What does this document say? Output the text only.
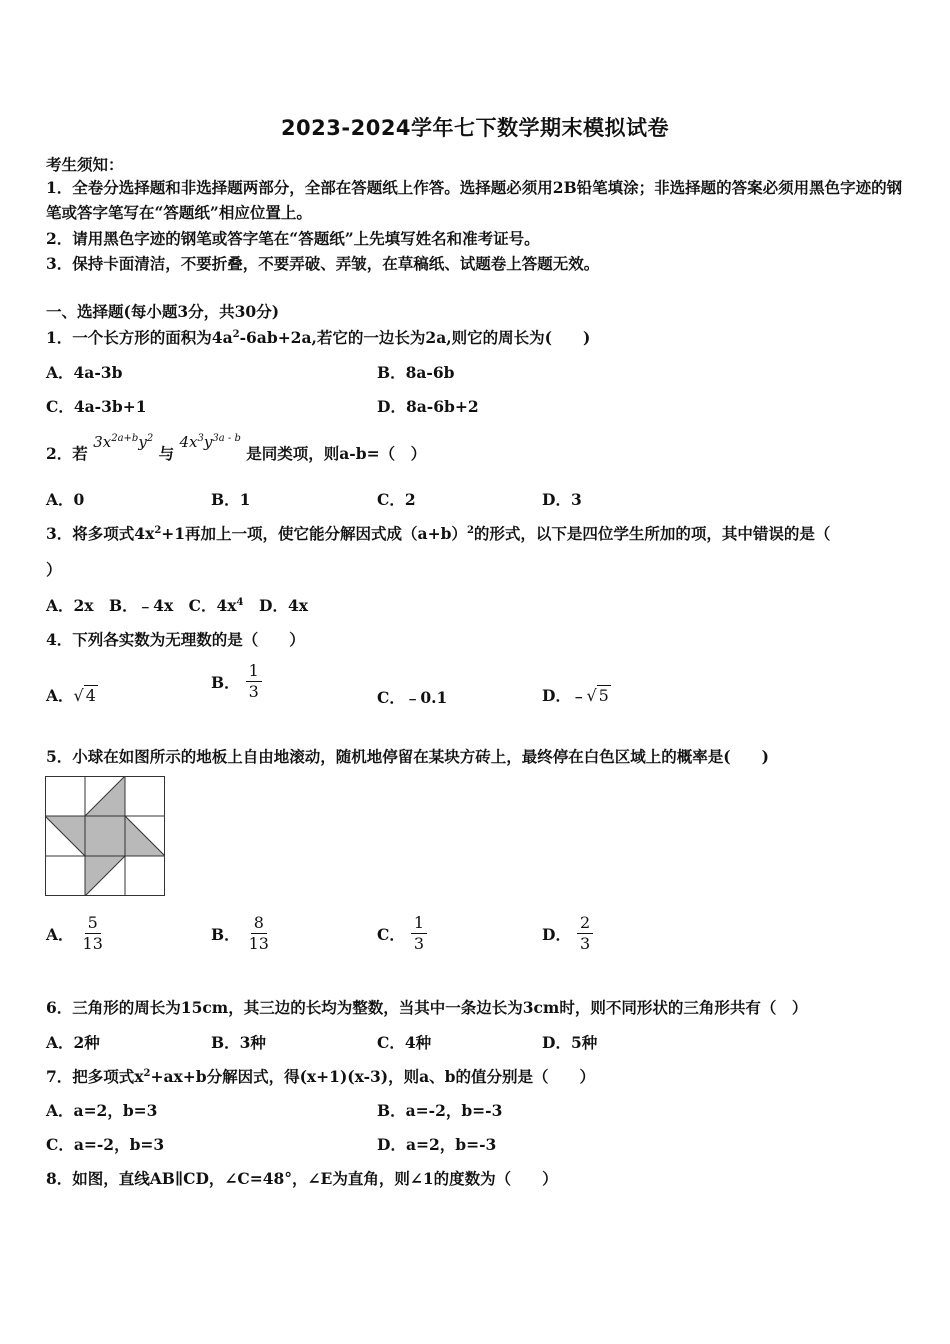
2023-2024学年七下数学期末模拟试卷
考生须知：
1．全卷分选择题和非选择题两部分，全部在答题纸上作答。选择题必须用2B铅笔填涂；非选择题的答案必须用黑色字迹的钢笔或答字笔写在“答题纸”相应位置上。
2．请用黑色字迹的钢笔或答字笔在“答题纸”上先填写姓名和准考证号。
3．保持卡面清洁，不要折叠，不要弄破、弄皱，在草稿纸、试题卷上答题无效。
一、选择题(每小题3分，共30分)
1．一个长方形的面积为$4a^2-6ab+2a$,若它的一边长为2a,则它的周长为(　　)
A．4a-3b	B．8a-6b
C．4a-3b+1	D．8a-6b+2
2．若 $3x^{2a+b}y^2$ 与 $4x^3y^{3a - b}$ 是同类项，则a-b=（　）
A．0	B．1	C．2	D．3
3．将多项式$4x^2+1$再加上一项，使它能分解因式成$(a+b)^2$的形式，以下是四位学生所加的项，其中错误的是（
）
A．2x　B．﹣4x　C．$4x^4$　D．4x
4．下列各实数为无理数的是（　　）
A．√ 4
B． $\frac{1}{3}$	C．﹣0.1	D．﹣√ 5
5．小球在如图所示的地板上自由地滚动，随机地停留在某块方砖上，最终停在白色区域上的概率是(　　)
A． $\frac{5}{13}$	B． $\frac{8}{13}$	C． $\frac{1}{3}$	D． $\frac{2}{3}$
6．三角形的周长为15cm，其三边的长均为整数，当其中一条边长为3cm时，则不同形状的三角形共有（　）
A．2种	B．3种	C．4种	D．5种
7．把多项式$x^2+ax+b$分解因式，得(x+1)(x-3)，则a、b的值分别是（　　）
A．a=2，b=3	B．a=-2，b=-3
C．a=-2，b=3	D．a=2，b=-3
8．如图，直线AB∥CD，∠C=48°，∠E为直角，则∠1的度数为（　　）
